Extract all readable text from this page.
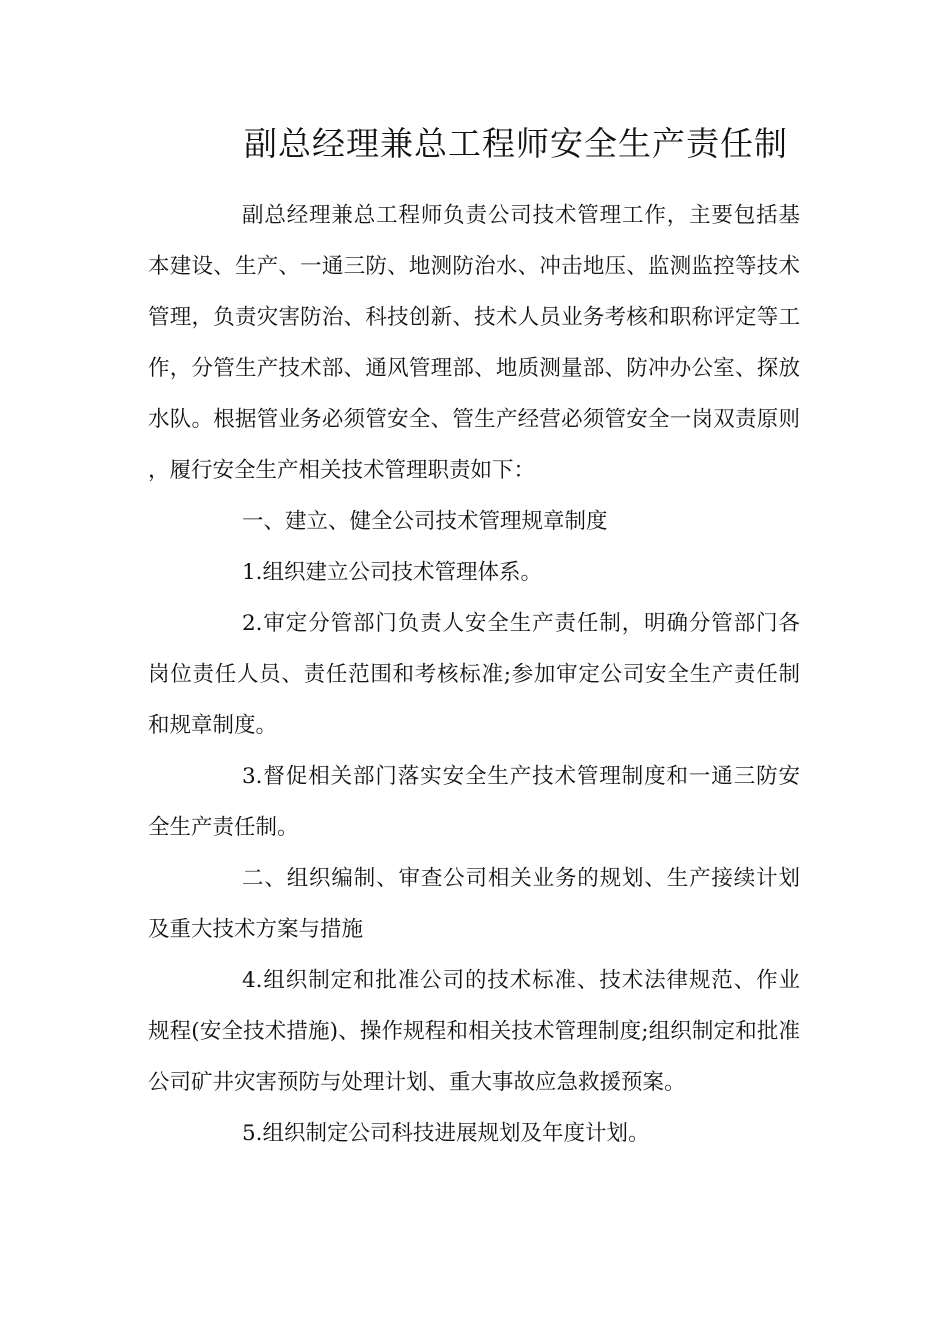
副总经理兼总工程师安全生产责任制

副总经理兼总工程师负责公司技术管理工作，主要包括基本建设、生产、一通三防、地测防治水、冲击地压、监测监控等技术管理，负责灾害防治、科技创新、技术人员业务考核和职称评定等工作，分管生产技术部、通风管理部、地质测量部、防冲办公室、探放水队。根据管业务必须管安全、管生产经营必须管安全一岗双责原则，履行安全生产相关技术管理职责如下：

一、建立、健全公司技术管理规章制度

1.组织建立公司技术管理体系。

2.审定分管部门负责人安全生产责任制，明确分管部门各岗位责任人员、责任范围和考核标准;参加审定公司安全生产责任制和规章制度。

3.督促相关部门落实安全生产技术管理制度和一通三防安全生产责任制。

二、组织编制、审查公司相关业务的规划、生产接续计划及重大技术方案与措施

4.组织制定和批准公司的技术标准、技术法律规范、作业规程(安全技术措施)、操作规程和相关技术管理制度;组织制定和批准公司矿井灾害预防与处理计划、重大事故应急救援预案。

5.组织制定公司科技进展规划及年度计划。
